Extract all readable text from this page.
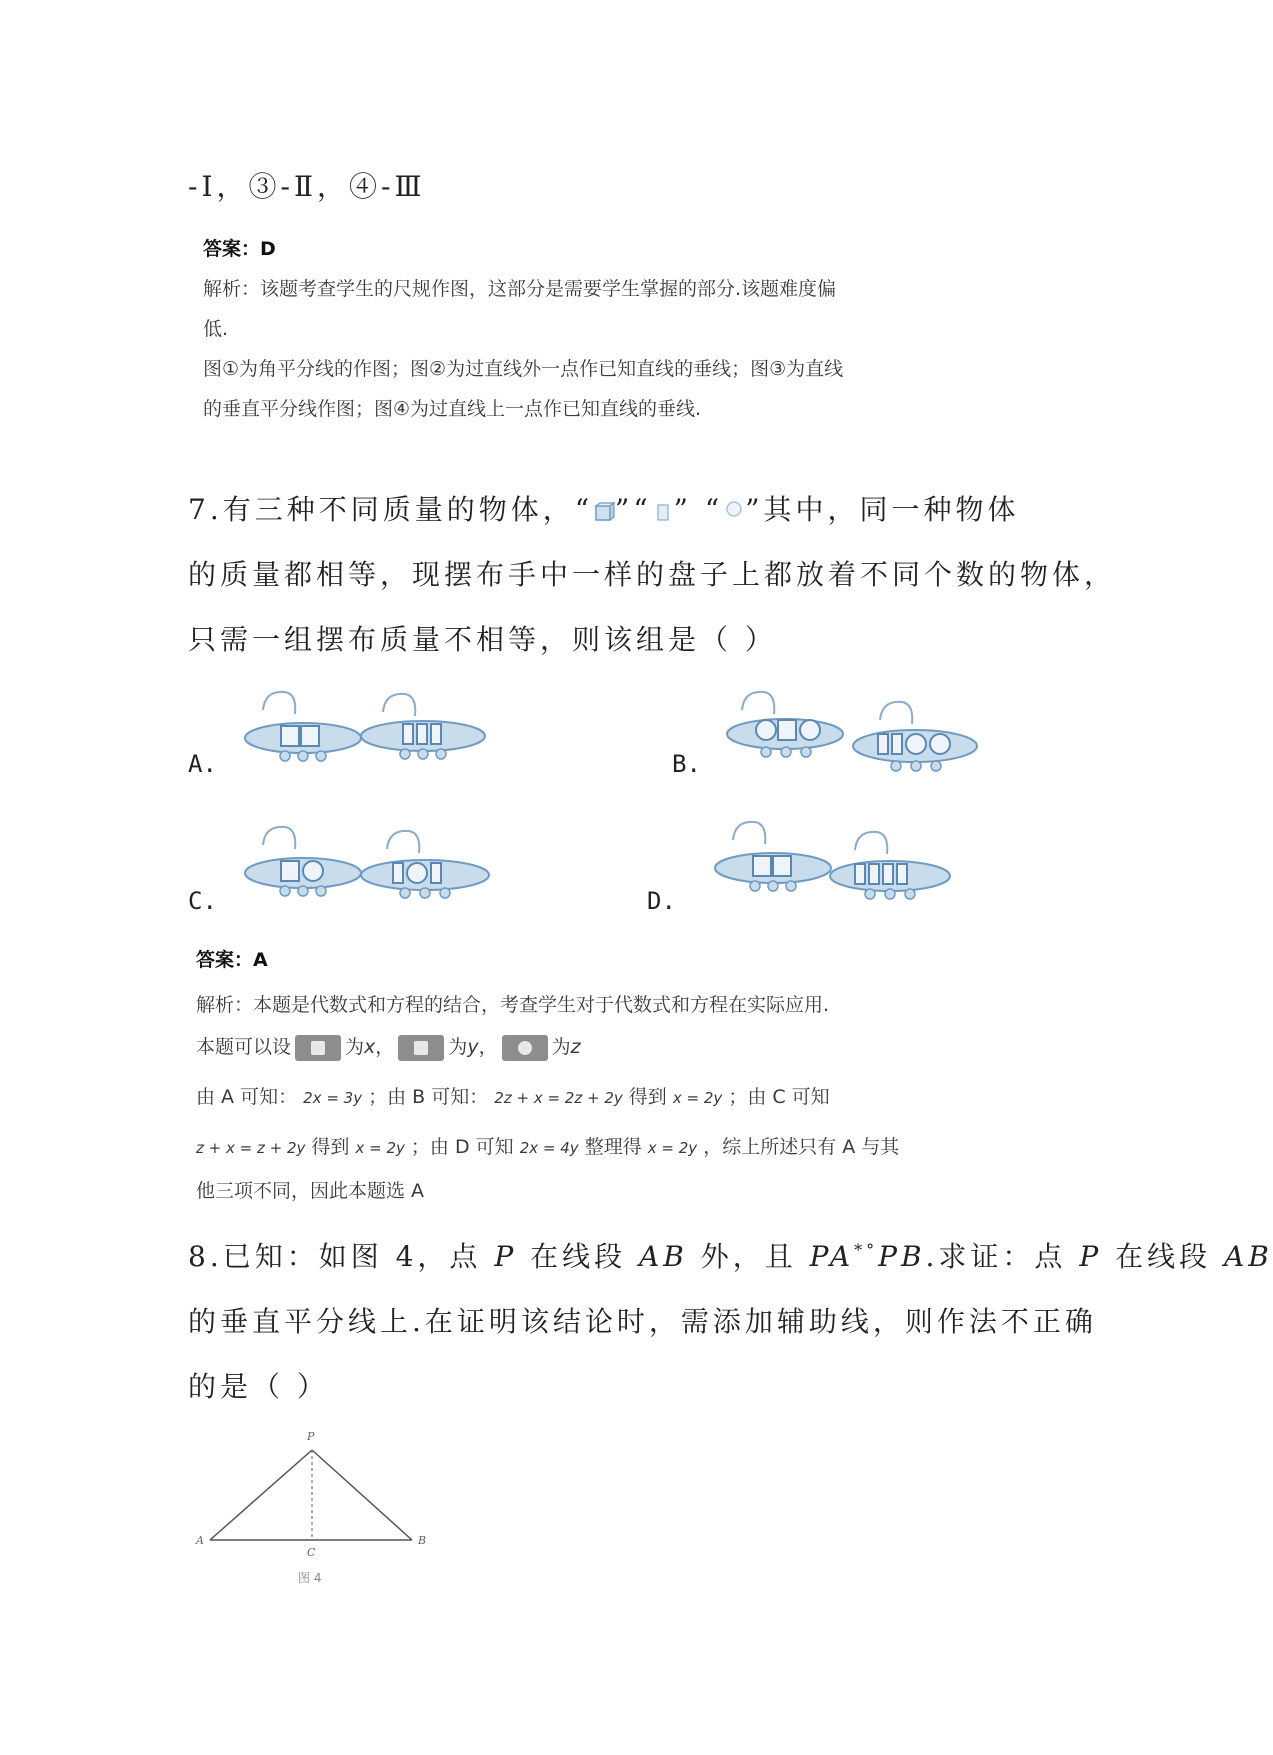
-Ⅰ，③-Ⅱ，④-Ⅲ
答案：D
解析：该题考查学生的尺规作图，这部分是需要学生掌握的部分.该题难度偏
低.
图①为角平分线的作图；图②为过直线外一点作已知直线的垂线；图③为直线
的垂直平分线作图；图④为过直线上一点作已知直线的垂线.
7.有三种不同质量的物体，“ ”“ ” “ ”其中，同一种物体
的质量都相等，现摆布手中一样的盘子上都放着不同个数的物体，
只需一组摆布质量不相等，则该组是（ ）
A.	B.
C.	D.
答案：A
解析：本题是代数式和方程的结合，考查学生对于代数式和方程在实际应用.
本题可以设	为x，	为y，	为z
由 A 可知： 2x = 3y ；由 B 可知： 2z + x = 2z + 2y 得到 x = 2y ；由 C 可知
z + x = z + 2y 得到 x = 2y ；由 D 可知 2x = 4y 整理得 x = 2y ，综上所述只有 A 与其
他三项不同，因此本题选 A
8.已知：如图 4，点 P 在线段 AB 外，且 PA*°PB.求证：点 P 在线段 AB
的垂直平分线上.在证明该结论时，需添加辅助线，则作法不正确
的是（ ）
P
A
C
B
图 4
